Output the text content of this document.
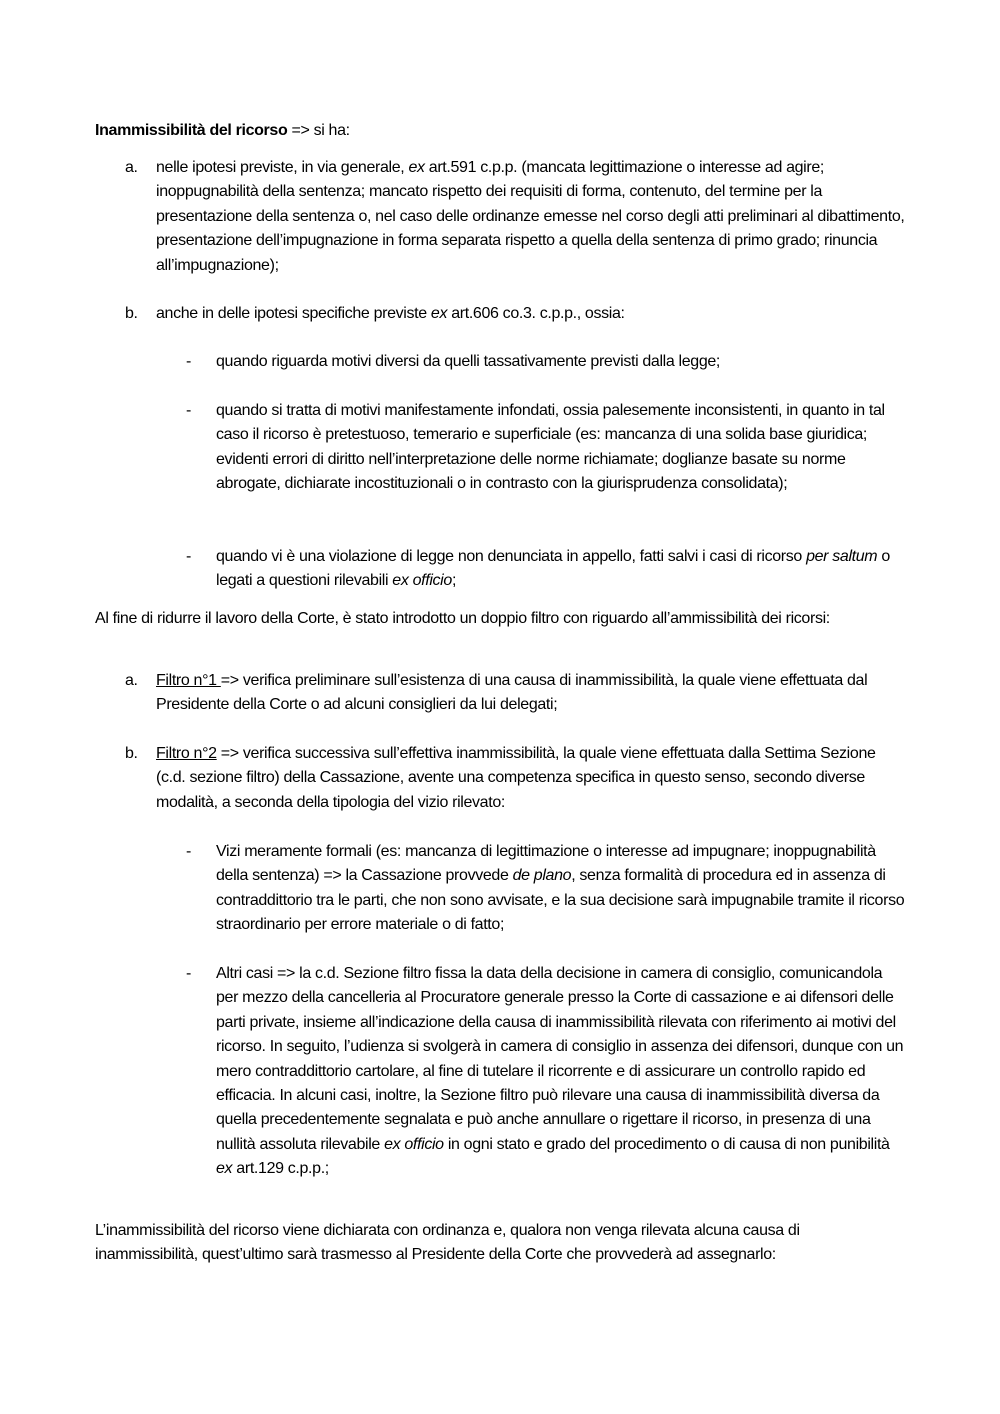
Inammissibilità del ricorso => si ha:
a. nelle ipotesi previste, in via generale, ex art.591 c.p.p. (mancata legittimazione o interesse ad agire; inoppugnabilità della sentenza; mancato rispetto dei requisiti di forma, contenuto, del termine per la presentazione della sentenza o, nel caso delle ordinanze emesse nel corso degli atti preliminari al dibattimento, presentazione dell’impugnazione in forma separata rispetto a quella della sentenza di primo grado; rinuncia all’impugnazione);
b. anche in delle ipotesi specifiche previste ex art.606 co.3. c.p.p., ossia:
- quando riguarda motivi diversi da quelli tassativamente previsti dalla legge;
- quando si tratta di motivi manifestamente infondati, ossia palesemente inconsistenti, in quanto in tal caso il ricorso è pretestuoso, temerario e superficiale (es: mancanza di una solida base giuridica; evidenti errori di diritto nell’interpretazione delle norme richiamate; doglianze basate su norme abrogate, dichiarate incostituzionali o in contrasto con la giurisprudenza consolidata);
- quando vi è una violazione di legge non denunciata in appello, fatti salvi i casi di ricorso per saltum o legati a questioni rilevabili ex officio;
Al fine di ridurre il lavoro della Corte, è stato introdotto un doppio filtro con riguardo all’ammissibilità dei ricorsi:
a. Filtro n°1 => verifica preliminare sull’esistenza di una causa di inammissibilità, la quale viene effettuata dal Presidente della Corte o ad alcuni consiglieri da lui delegati;
b. Filtro n°2 => verifica successiva sull’effettiva inammissibilità, la quale viene effettuata dalla Settima Sezione (c.d. sezione filtro) della Cassazione, avente una competenza specifica in questo senso, secondo diverse modalità, a seconda della tipologia del vizio rilevato:
- Vizi meramente formali (es: mancanza di legittimazione o interesse ad impugnare; inoppugnabilità della sentenza) => la Cassazione provvede de plano, senza formalità di procedura ed in assenza di contraddittorio tra le parti, che non sono avvisate, e la sua decisione sarà impugnabile tramite il ricorso straordinario per errore materiale o di fatto;
- Altri casi => la c.d. Sezione filtro fissa la data della decisione in camera di consiglio, comunicandola per mezzo della cancelleria al Procuratore generale presso la Corte di cassazione e ai difensori delle parti private, insieme all’indicazione della causa di inammissibilità rilevata con riferimento ai motivi del ricorso. In seguito, l’udienza si svolgerà in camera di consiglio in assenza dei difensori, dunque con un mero contraddittorio cartolare, al fine di tutelare il ricorrente e di assicurare un controllo rapido ed efficacia. In alcuni casi, inoltre, la Sezione filtro può rilevare una causa di inammissibilità diversa da quella precedentemente segnalata e può anche annullare o rigettare il ricorso, in presenza di una nullità assoluta rilevabile ex officio in ogni stato e grado del procedimento o di causa di non punibilità ex art.129 c.p.p.;
L’inammissibilità del ricorso viene dichiarata con ordinanza e, qualora non venga rilevata alcuna causa di inammissibilità, quest’ultimo sarà trasmesso al Presidente della Corte che provvederà ad assegnarlo:
